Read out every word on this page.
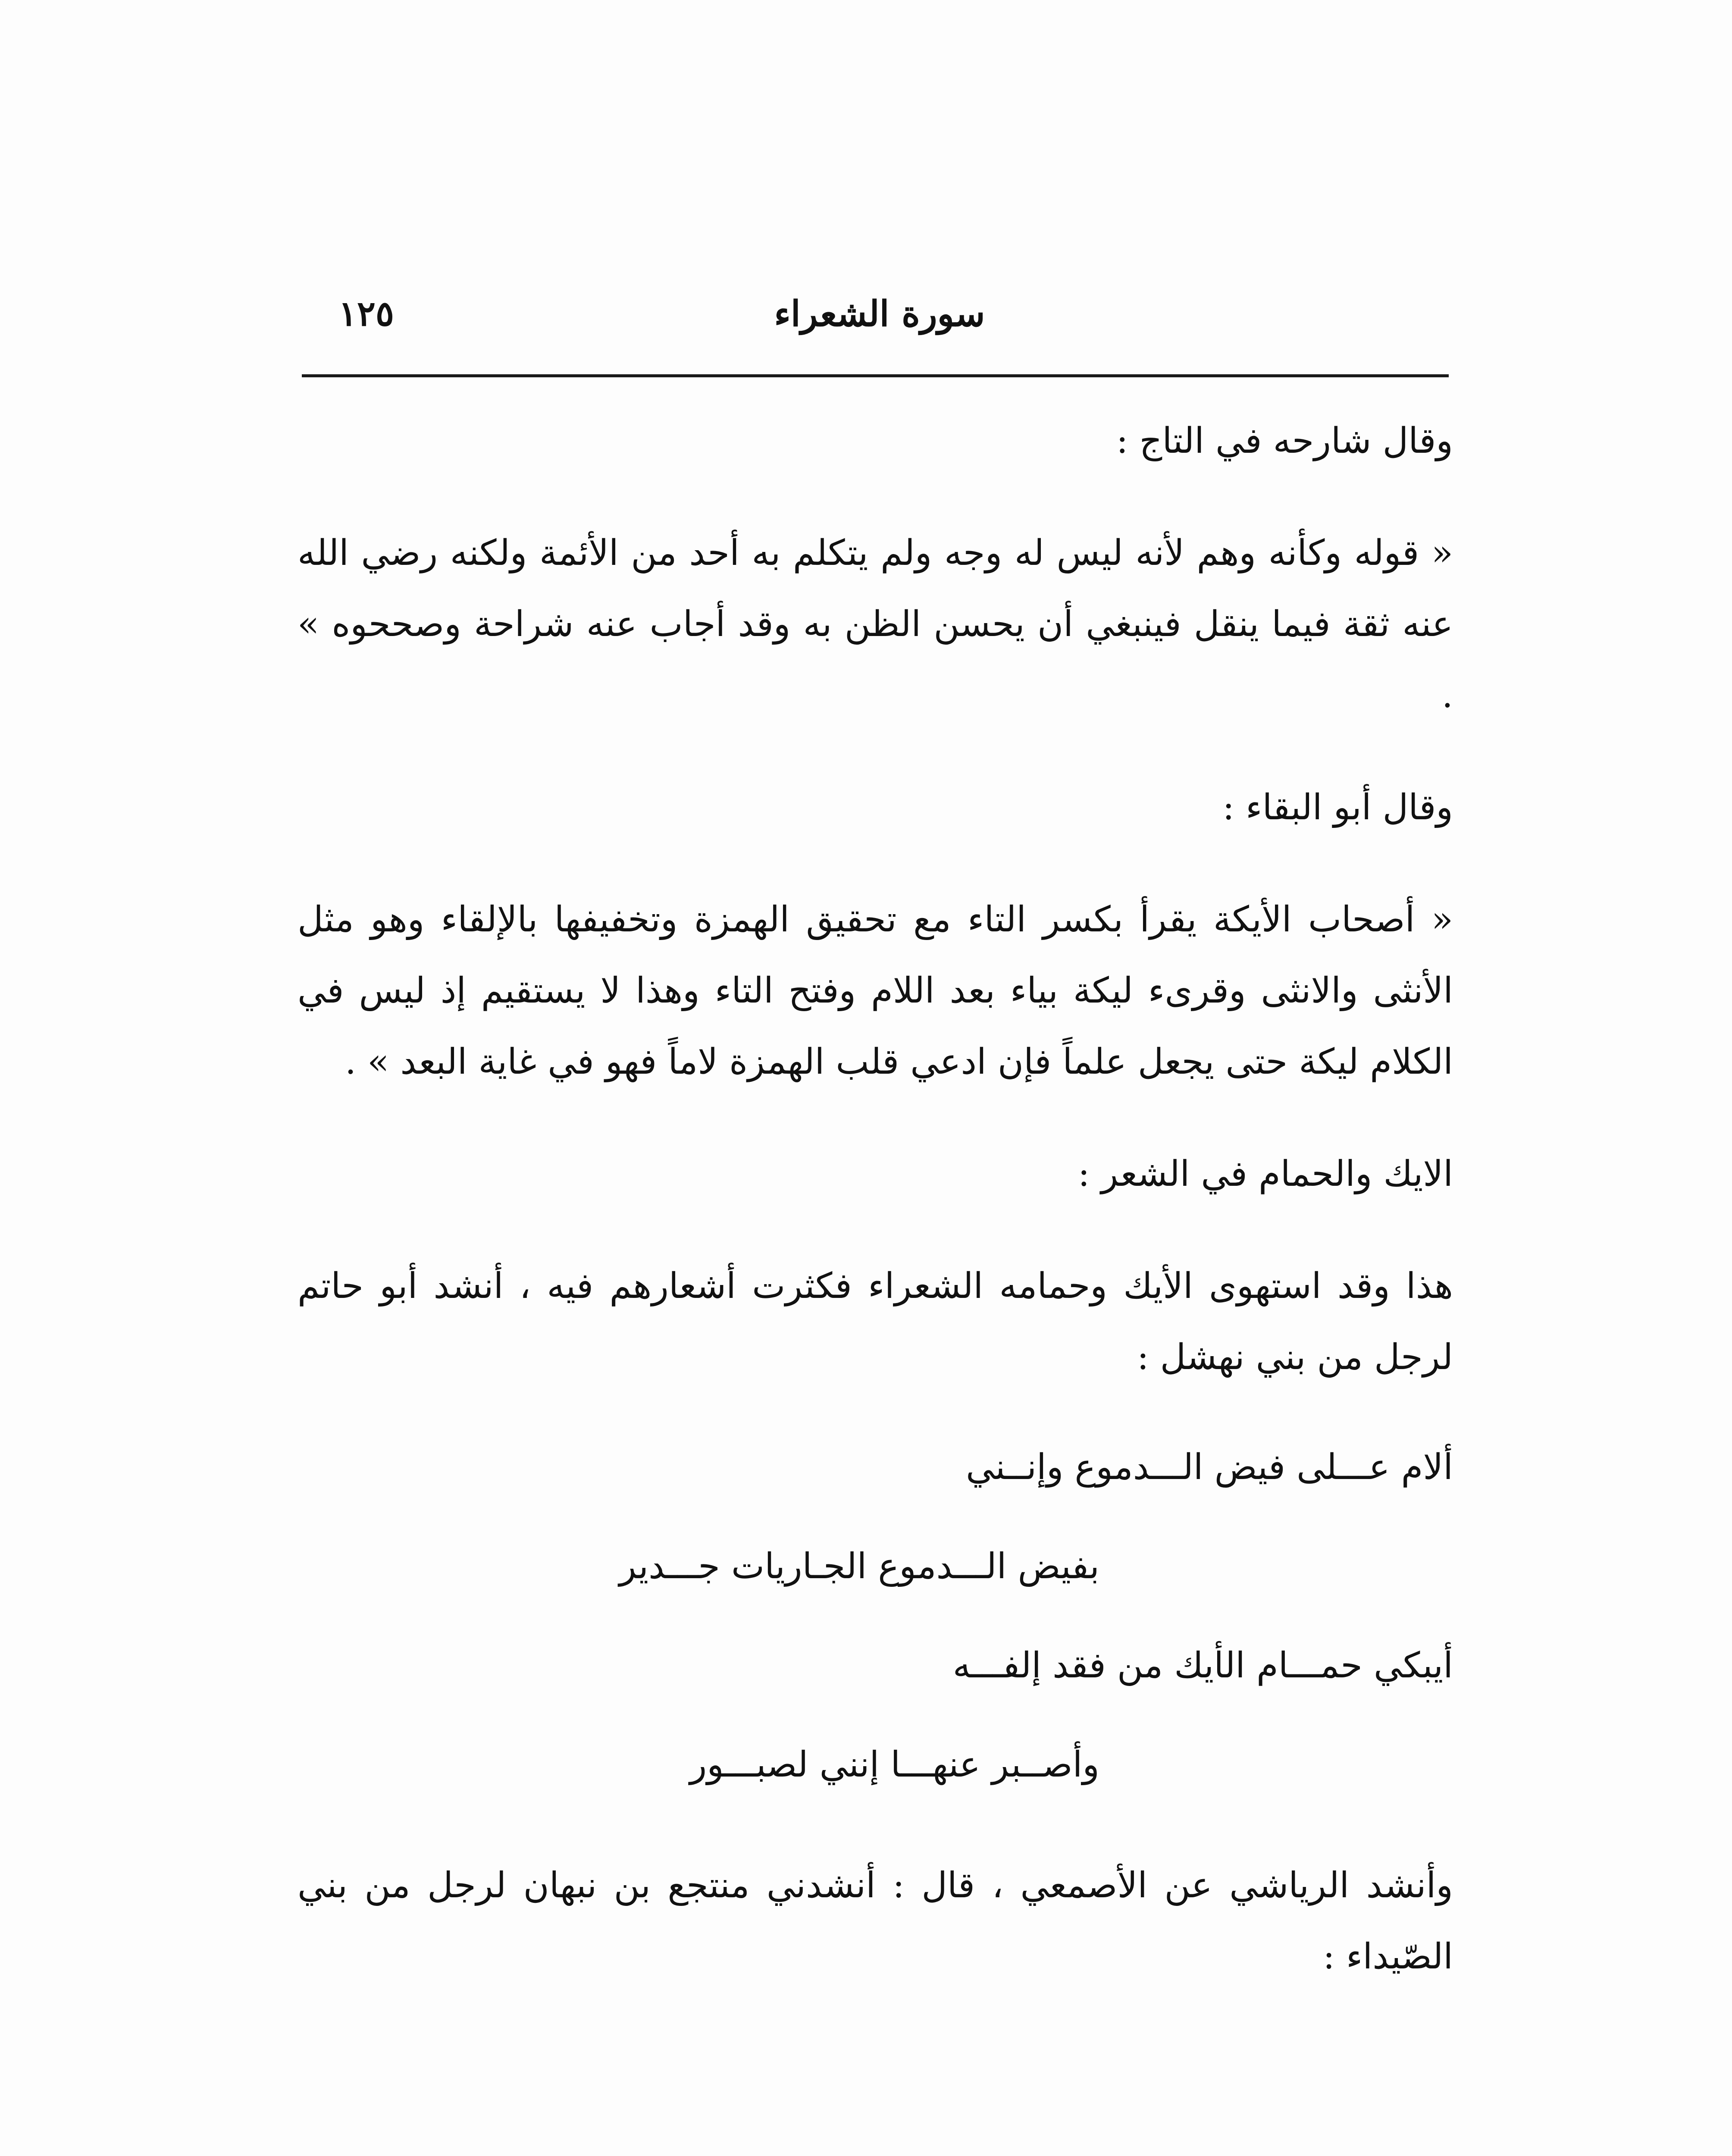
١٢٥	سورة الشعراء

وقال شارحه في التاج :

« قوله وكأنه وهم لأنه ليس له وجه ولم يتكلم به أحد من الأئمة ولكنه رضي الله عنه ثقة فيما ينقل فينبغي أن يحسن الظن به وقد أجاب عنه شراحة وصححوه » .

وقال أبو البقاء :

« أصحاب الأيكة يقرأ بكسر التاء مع تحقيق الهمزة وتخفيفها بالإلقاء وهو مثل الأنثى والانثى وقرىء ليكة بياء بعد اللام وفتح التاء وهذا لا يستقيم إذ ليس في الكلام ليكة حتى يجعل علماً فإن ادعي قلب الهمزة لاماً فهو في غاية البعد » .

الايك والحمام في الشعر :

هذا وقد استهوى الأيك وحمامه الشعراء فكثرت أشعارهم فيه ، أنشد أبو حاتم لرجل من بني نهشل :

ألام عـــلى فيض الـــدموع وإنــني
بفيض الـــدموع الجـاريات جـــدير
أيبكي حمـــام الأيك من فقد إلفـــه
وأصــبر عنهـــا إنني لصبـــور

وأنشد الرياشي عن الأصمعي ، قال : أنشدني منتجع بن نبهان لرجل من بني الصّيداء :
